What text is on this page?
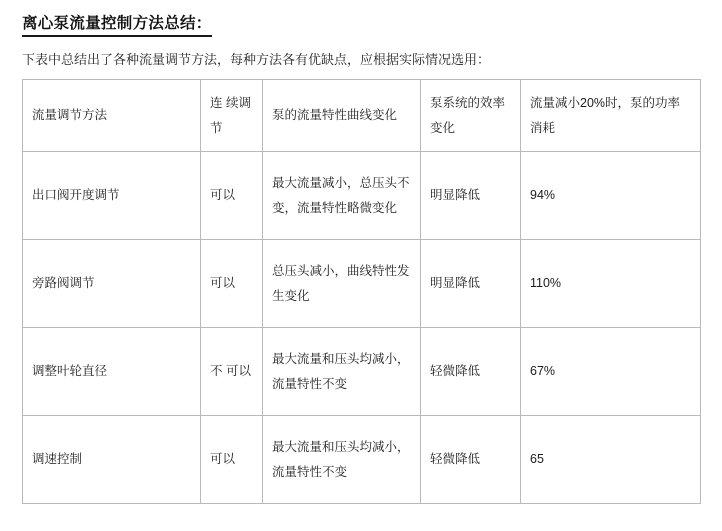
离心泵流量控制方法总结：

下表中总结出了各种流量调节方法，每种方法各有优缺点，应根据实际情况选用：

流量调节方法	连 续调节	泵的流量特性曲线变化	泵系统的效率变化	流量减小20%时，泵的功率消耗
出口阀开度调节	可以	最大流量减小，总压头不变，流量特性略微变化	明显降低	94%
旁路阀调节	可以	总压头减小，曲线特性发生变化	明显降低	110%
调整叶轮直径	不 可以	最大流量和压头均减小，流量特性不变	轻微降低	67%
调速控制	可以	最大流量和压头均减小，流量特性不变	轻微降低	65
